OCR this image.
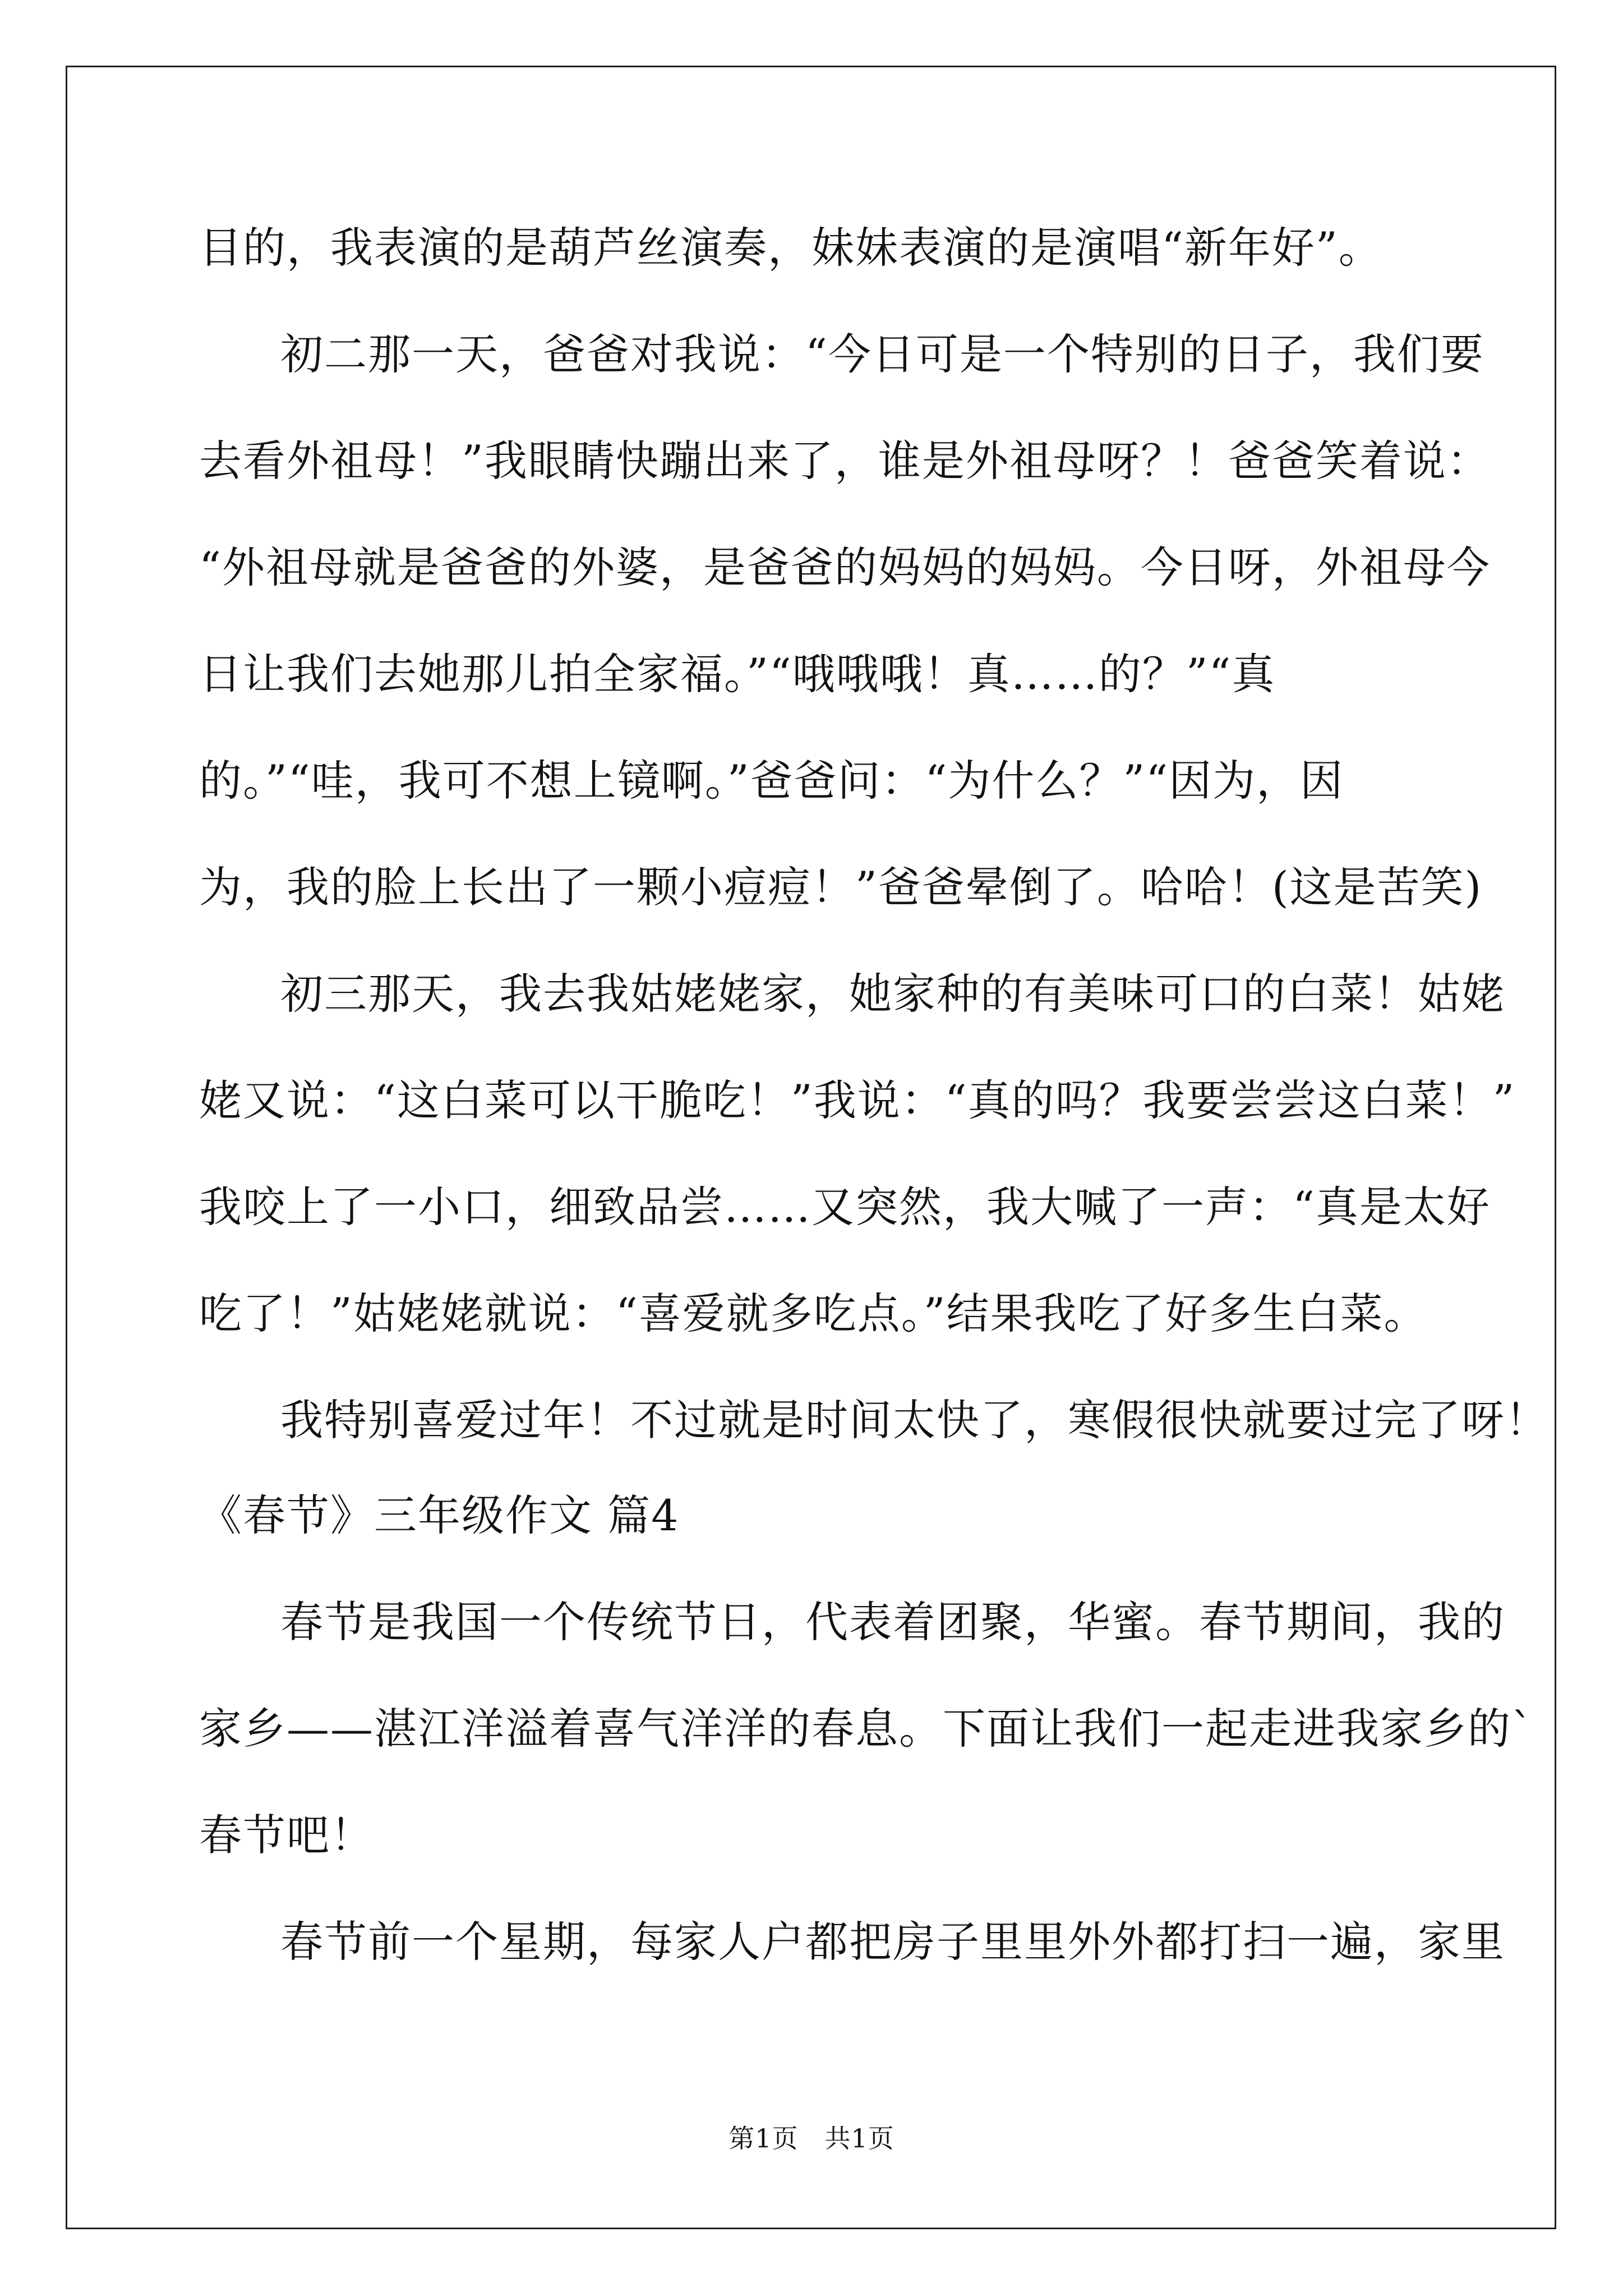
目的，我表演的是葫芦丝演奏，妹妹表演的是演唱“新年好”。
初二那一天，爸爸对我说：“今日可是一个特别的日子，我们要
去看外祖母！”我眼睛快蹦出来了，谁是外祖母呀？！爸爸笑着说：
“外祖母就是爸爸的外婆，是爸爸的妈妈的妈妈。今日呀，外祖母今
日让我们去她那儿拍全家福。”“哦哦哦！真……的？”“真
的。”“哇，我可不想上镜啊。”爸爸问：“为什么？”“因为，因
为，我的脸上长出了一颗小痘痘！”爸爸晕倒了。哈哈！(这是苦笑)
初三那天，我去我姑姥姥家，她家种的有美味可口的白菜！姑姥
姥又说：“这白菜可以干脆吃！”我说：“真的吗？我要尝尝这白菜！”
我咬上了一小口，细致品尝……又突然，我大喊了一声：“真是太好
吃了！”姑姥姥就说：“喜爱就多吃点。”结果我吃了好多生白菜。
我特别喜爱过年！不过就是时间太快了，寒假很快就要过完了呀！
《春节》三年级作文 篇4
春节是我国一个传统节日，代表着团聚，华蜜。春节期间，我的
家乡——湛江洋溢着喜气洋洋的春息。下面让我们一起走进我家乡的`
春节吧！
春节前一个星期，每家人户都把房子里里外外都打扫一遍，家里
第1页　共1页
